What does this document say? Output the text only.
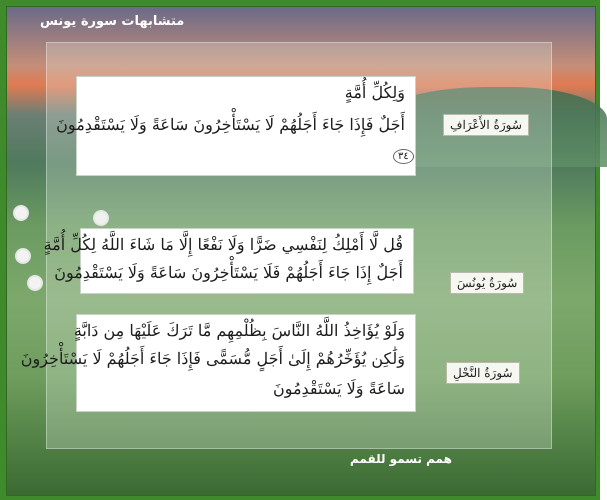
متشابهات سورة يونس
وَلِكُلِّ أُمَّةٍ
أَجَلٌ فَإِذَا جَاءَ أَجَلُهُمْ لَا يَسْتَأْخِرُونَ سَاعَةً وَلَا يَسْتَقْدِمُونَ
٣٤
قُل لَّا أَمْلِكُ لِنَفْسِي ضَرًّا وَلَا نَفْعًا إِلَّا مَا شَاءَ اللَّهُ لِكُلِّ أُمَّةٍ
أَجَلٌ إِذَا جَاءَ أَجَلُهُمْ فَلَا يَسْتَأْخِرُونَ سَاعَةً وَلَا يَسْتَقْدِمُونَ
وَلَوْ يُؤَاخِذُ اللَّهُ النَّاسَ بِظُلْمِهِم مَّا تَرَكَ عَلَيْهَا مِن دَابَّةٍ
وَلَٰكِن يُؤَخِّرُهُمْ إِلَىٰ أَجَلٍ مُّسَمًّى فَإِذَا جَاءَ أَجَلُهُمْ لَا يَسْتَأْخِرُونَ
سَاعَةً وَلَا يَسْتَقْدِمُونَ
سُورَةُ الأَعْرَافِ
سُورَةُ يُونُسَ
سُورَةُ النَّحْلِ
همم تسمو للقمم
